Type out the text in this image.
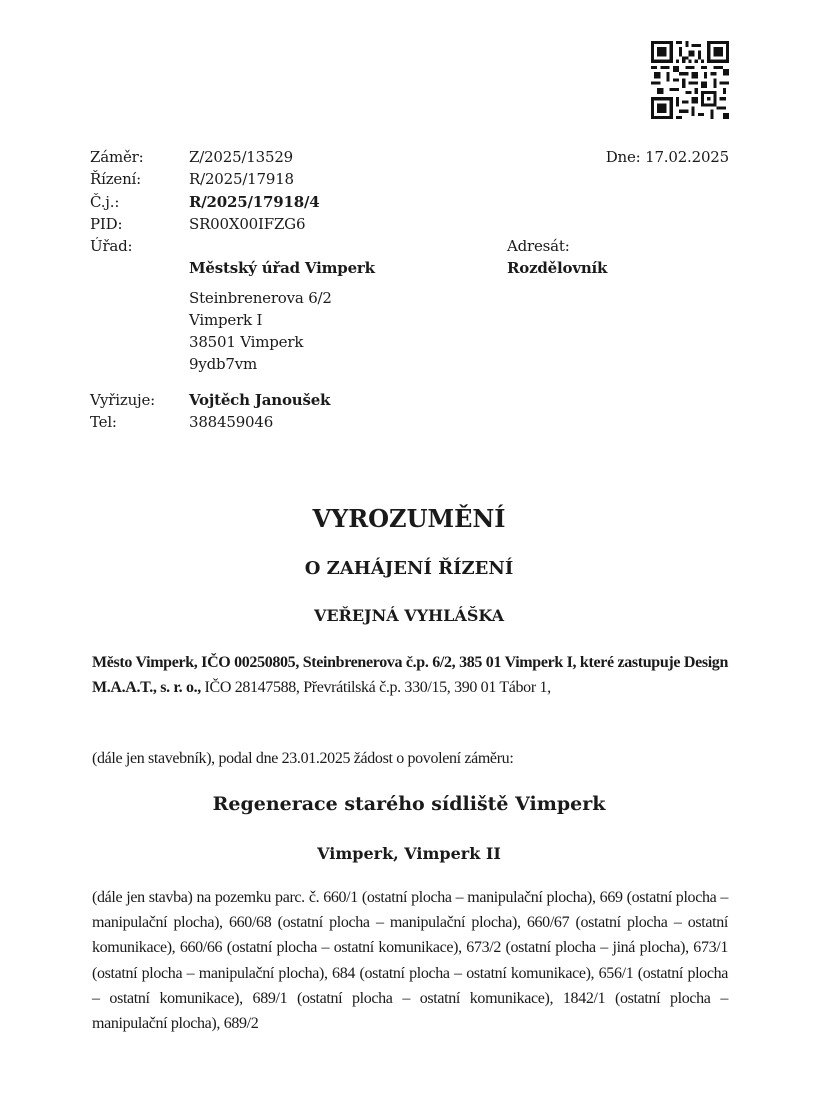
Záměr:	Z/2025/13529
Řízení:	R/2025/17918
Č.j.:	R/2025/17918/4
PID:	SR00X00IFZG6
Úřad:
Dne: 17.02.2025
Městský úřad Vimperk
Steinbrenerova 6/2
Vimperk I
38501 Vimperk
9ydb7vm
Adresát:
Rozdělovník
Vyřizuje: Vojtěch Janoušek
Tel:	388459046
VYROZUMĚNÍ
O ZAHÁJENÍ ŘÍZENÍ
VEŘEJNÁ VYHLÁŠKA
Město Vimperk, IČO 00250805, Steinbrenerova č.p. 6/2, 385 01 Vimperk I, které zastupuje Design M.A.A.T., s. r. o., IČO 28147588, Převrátilská č.p. 330/15, 390 01 Tábor 1,
(dále jen stavebník), podal dne 23.01.2025 žádost o povolení záměru:
Regenerace starého sídliště Vimperk
Vimperk, Vimperk II
(dále jen stavba) na pozemku parc. č. 660/1 (ostatní plocha – manipulační plocha), 669 (ostatní plocha – manipulační plocha), 660/68 (ostatní plocha – manipulační plocha), 660/67 (ostatní plocha – ostatní komunikace), 660/66 (ostatní plocha – ostatní komunikace), 673/2 (ostatní plocha – jiná plocha), 673/1 (ostatní plocha – manipulační plocha), 684 (ostatní plocha – ostatní komunikace), 656/1 (ostatní plocha – ostatní komunikace), 689/1 (ostatní plocha – ostatní komunikace), 1842/1 (ostatní plocha – manipulační plocha), 689/2
